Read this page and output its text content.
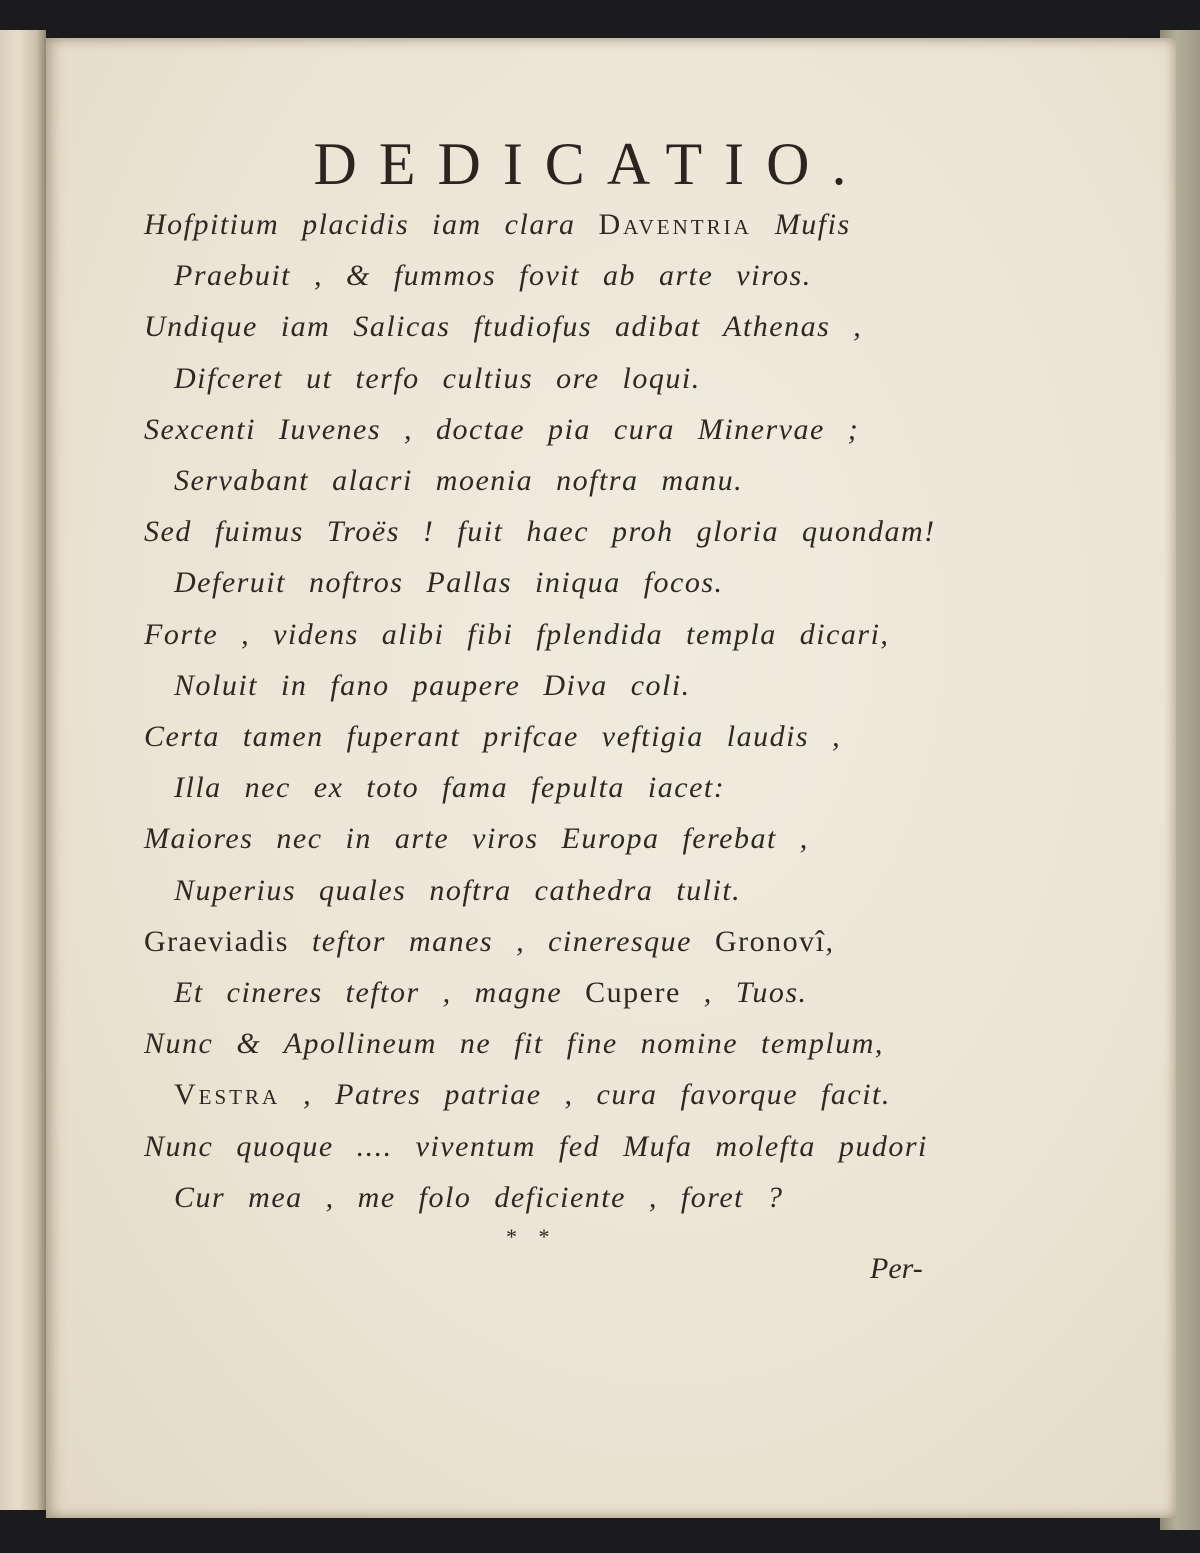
DEDICATIO.
Hofpitium placidis iam clara Daventria Mufis
Praebuit , & fummos fovit ab arte viros.
Undique iam Salicas ftudiofus adibat Athenas ,
Difceret ut terfo cultius ore loqui.
Sexcenti Iuvenes , doctae pia cura Minervae ;
Servabant alacri moenia noftra manu.
Sed fuimus Troës ! fuit haec proh gloria quondam!
Deferuit noftros Pallas iniqua focos.
Forte , videns alibi fibi fplendida templa dicari,
Noluit in fano paupere Diva coli.
Certa tamen fuperant prifcae veftigia laudis ,
Illa nec ex toto fama fepulta iacet:
Maiores nec in arte viros Europa ferebat ,
Nuperius quales noftra cathedra tulit.
Graeviadis teftor manes , cineresque Gronovî,
Et cineres teftor , magne Cupere , Tuos.
Nunc & Apollineum ne fit fine nomine templum,
Vestra , Patres patriae , cura favorque facit.
Nunc quoque .... viventum fed Mufa molefta pudori
Cur mea , me folo deficiente , foret ?
* *
Per-
